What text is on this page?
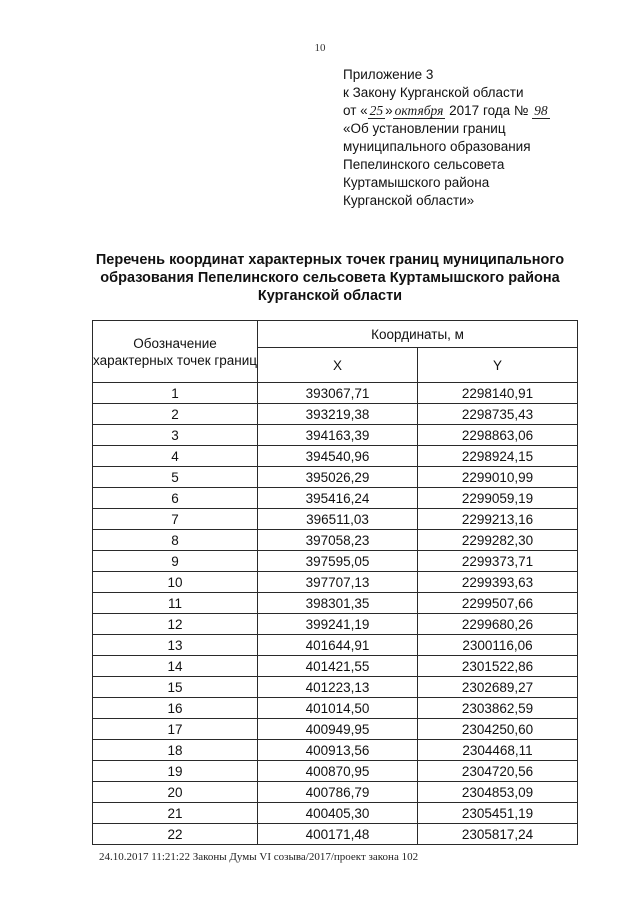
10
Приложение 3
к Закону Курганской области
от « 25 » октября 2017 года № 98
«Об установлении границ
муниципального образования
Пепелинского сельсовета
Куртамышского района
Курганской области»
Перечень координат характерных точек границ муниципального
образования Пепелинского сельсовета Куртамышского района
Курганской области
Обозначение характерных точек границ	Координаты, м	
	X	Y
1	393067,71	2298140,91
2	393219,38	2298735,43
3	394163,39	2298863,06
4	394540,96	2298924,15
5	395026,29	2299010,99
6	395416,24	2299059,19
7	396511,03	2299213,16
8	397058,23	2299282,30
9	397595,05	2299373,71
10	397707,13	2299393,63
11	398301,35	2299507,66
12	399241,19	2299680,26
13	401644,91	2300116,06
14	401421,55	2301522,86
15	401223,13	2302689,27
16	401014,50	2303862,59
17	400949,95	2304250,60
18	400913,56	2304468,11
19	400870,95	2304720,56
20	400786,79	2304853,09
21	400405,30	2305451,19
22	400171,48	2305817,24
24.10.2017 11:21:22 Законы Думы VI созыва/2017/проект закона 102
